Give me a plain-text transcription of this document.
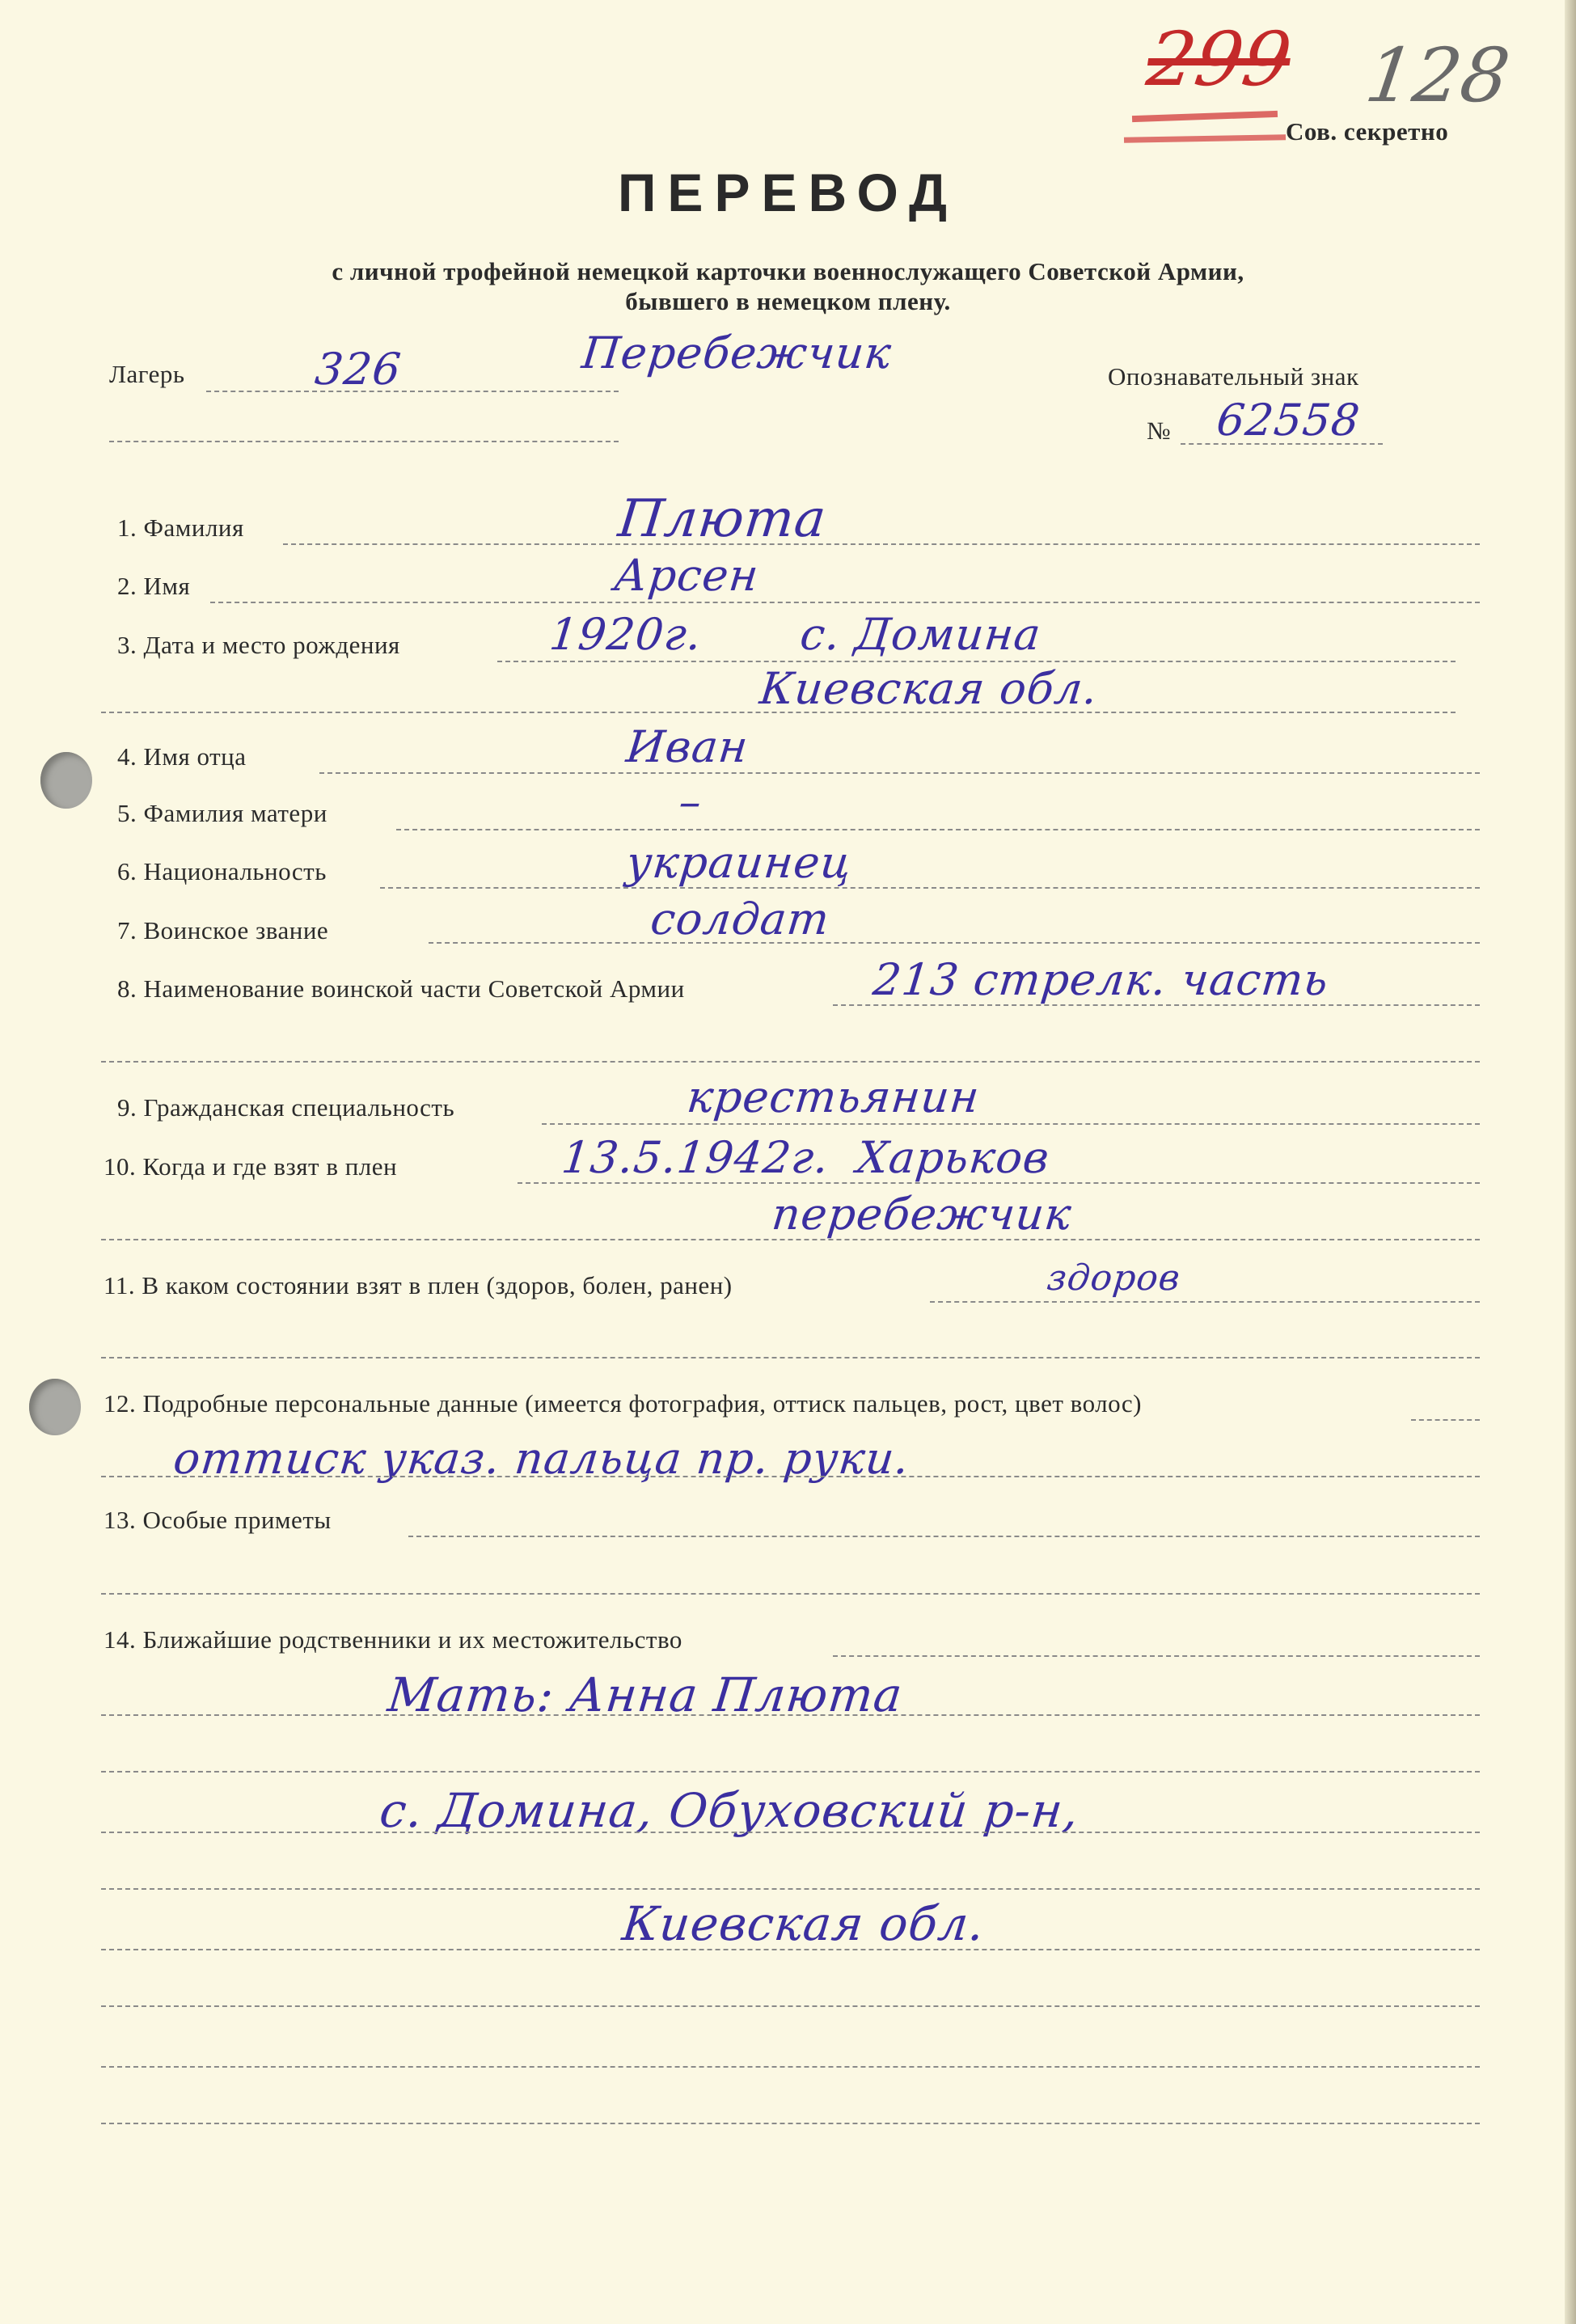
299 128
Сов. секретно
ПЕРЕВОД
с личной трофейной немецкой карточки военнослужащего Советской Армии,
бывшего в немецком плену.
Лагерь	326	Перебежчик	Опознавательный знак
№ 62558
1. Фамилия	Плюта
2. Имя	Арсен
3. Дата и место рождения	1920г. с. Домина
Киевская обл.
4. Имя отца	Иван
5. Фамилия матери	–
6. Национальность	украинец
7. Воинское звание	солдат
8. Наименование воинской части Советской Армии	213 стрелк. часть
9. Гражданская специальность	крестьянин
10. Когда и где взят в плен	13.5.1942г. Харьков
перебежчик
11. В каком состоянии взят в плен (здоров, болен, ранен)	здоров
12. Подробные персональные данные (имеется фотография, оттиск пальцев, рост, цвет волос)
оттиск указ. пальца пр. руки.
13. Особые приметы
14. Ближайшие родственники и их местожительство
Мать: Анна Плюта
с. Домина, Обуховский р-н,
Киевская обл.
